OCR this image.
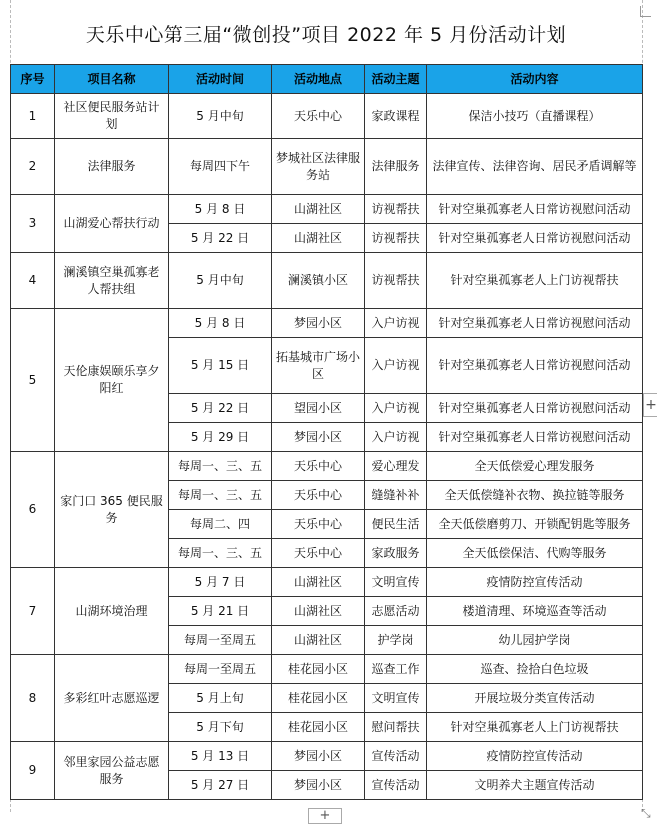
天乐中心第三届“微创投”项目 2022 年 5 月份活动计划
序号	项目名称	活动时间	活动地点	活动主题	活动内容
1	社区便民服务站计划	5 月中旬	天乐中心	家政课程	保洁小技巧（直播课程）
2	法律服务	每周四下午	梦城社区法律服务站	法律服务	法律宣传、法律咨询、居民矛盾调解等
3	山湖爱心帮扶行动	5 月 8 日	山湖社区	访视帮扶	针对空巢孤寡老人日常访视慰问活动
		5 月 22 日	山湖社区	访视帮扶	针对空巢孤寡老人日常访视慰问活动
4	澜溪镇空巢孤寡老人帮扶组	5 月中旬	澜溪镇小区	访视帮扶	针对空巢孤寡老人上门访视帮扶
5	天伦康娱颐乐享夕阳红	5 月 8 日	梦园小区	入户访视	针对空巢孤寡老人日常访视慰问活动
		5 月 15 日	拓基城市广场小区	入户访视	针对空巢孤寡老人日常访视慰问活动
		5 月 22 日	望园小区	入户访视	针对空巢孤寡老人日常访视慰问活动
		5 月 29 日	梦园小区	入户访视	针对空巢孤寡老人日常访视慰问活动
6	家门口 365 便民服务	每周一、三、五	天乐中心	爱心理发	全天低偿爱心理发服务
		每周一、三、五	天乐中心	缝缝补补	全天低偿缝补衣物、换拉链等服务
		每周二、四	天乐中心	便民生活	全天低偿磨剪刀、开锁配钥匙等服务
		每周一、三、五	天乐中心	家政服务	全天低偿保洁、代购等服务
7	山湖环境治理	5 月 7 日	山湖社区	文明宣传	疫情防控宣传活动
		5 月 21 日	山湖社区	志愿活动	楼道清理、环境巡查等活动
		每周一至周五	山湖社区	护学岗	幼儿园护学岗
8	多彩红叶志愿巡逻	每周一至周五	桂花园小区	巡查工作	巡查、捡拾白色垃圾
		5 月上旬	桂花园小区	文明宣传	开展垃圾分类宣传活动
		5 月下旬	桂花园小区	慰问帮扶	针对空巢孤寡老人上门访视帮扶
9	邻里家园公益志愿服务	5 月 13 日	梦园小区	宣传活动	疫情防控宣传活动
		5 月 27 日	梦园小区	宣传活动	文明养犬主题宣传活动
+
+	⤡
